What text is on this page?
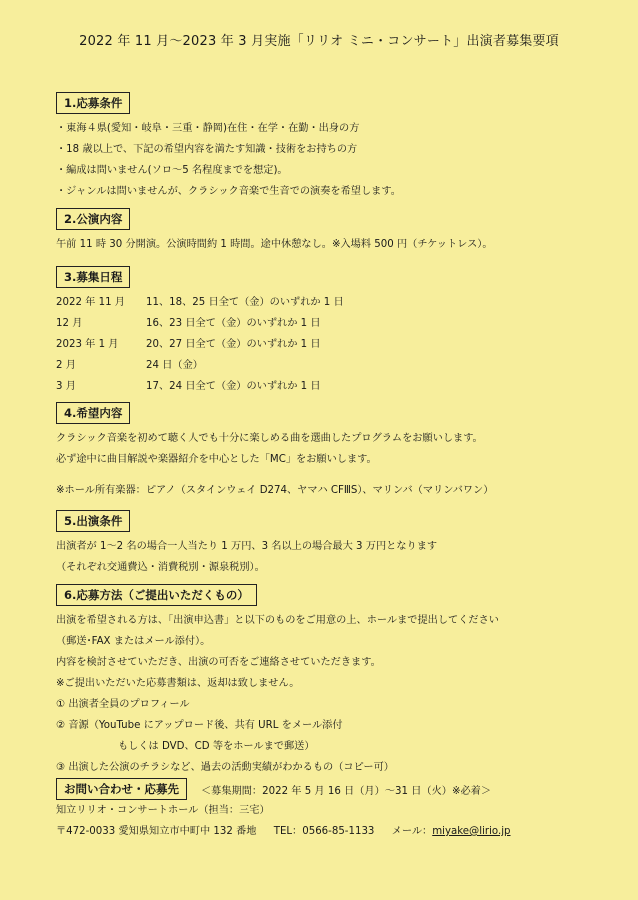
2022 年 11 月〜2023 年 3 月実施「リリオ ミニ・コンサート」出演者募集要項
1.応募条件
・東海４県(愛知・岐阜・三重・静岡)在住・在学・在勤・出身の方
・18 歳以上で、下記の希望内容を満たす知識・技術をお持ちの方
・編成は問いません(ソロ〜5 名程度までを想定)。
・ジャンルは問いませんが、クラシック音楽で生音での演奏を希望します。
2.公演内容
午前 11 時 30 分開演。公演時間約 1 時間。途中休憩なし。※入場料 500 円（チケットレス）。
3.募集日程
2022 年 11 月	11、18、25 日全て（金）のいずれか 1 日
12 月	16、23 日全て（金）のいずれか 1 日
2023 年 1 月	20、27 日全て（金）のいずれか 1 日
2 月	24 日（金）
3 月	17、24 日全て（金）のいずれか 1 日
4.希望内容
クラシック音楽を初めて聴く人でも十分に楽しめる曲を選曲したプログラムをお願いします。
必ず途中に曲目解説や楽器紹介を中心とした「MC」をお願いします。
※ホール所有楽器：ピアノ（スタインウェイ D274、ヤマハ CFⅢS）、マリンバ（マリンバワン）
5.出演条件
出演者が 1〜2 名の場合一人当たり 1 万円、3 名以上の場合最大 3 万円となります
（それぞれ交通費込・消費税別・源泉税別）。
6.応募方法（ご提出いただくもの）
出演を希望される方は、「出演申込書」と以下のものをご用意の上、ホールまで提出してください
（郵送･FAX またはメール添付）。
内容を検討させていただき、出演の可否をご連絡させていただきます。
※ご提出いただいた応募書類は、返却は致しません。
① 出演者全員のプロフィール
② 音源（YouTube にアップロード後、共有 URL をメール添付
もしくは DVD、CD 等をホールまで郵送）
③ 出演した公演のチラシなど、過去の活動実績がわかるもの（コピー可）
お問い合わせ・応募先	＜募集期間：2022 年 5 月 16 日（月）〜31 日（火）※必着＞
知立リリオ・コンサートホール（担当：三宅）
〒472-0033 愛知県知立市中町中 132 番地 TEL：0566-85-1133 メール：miyake@lirio.jp
